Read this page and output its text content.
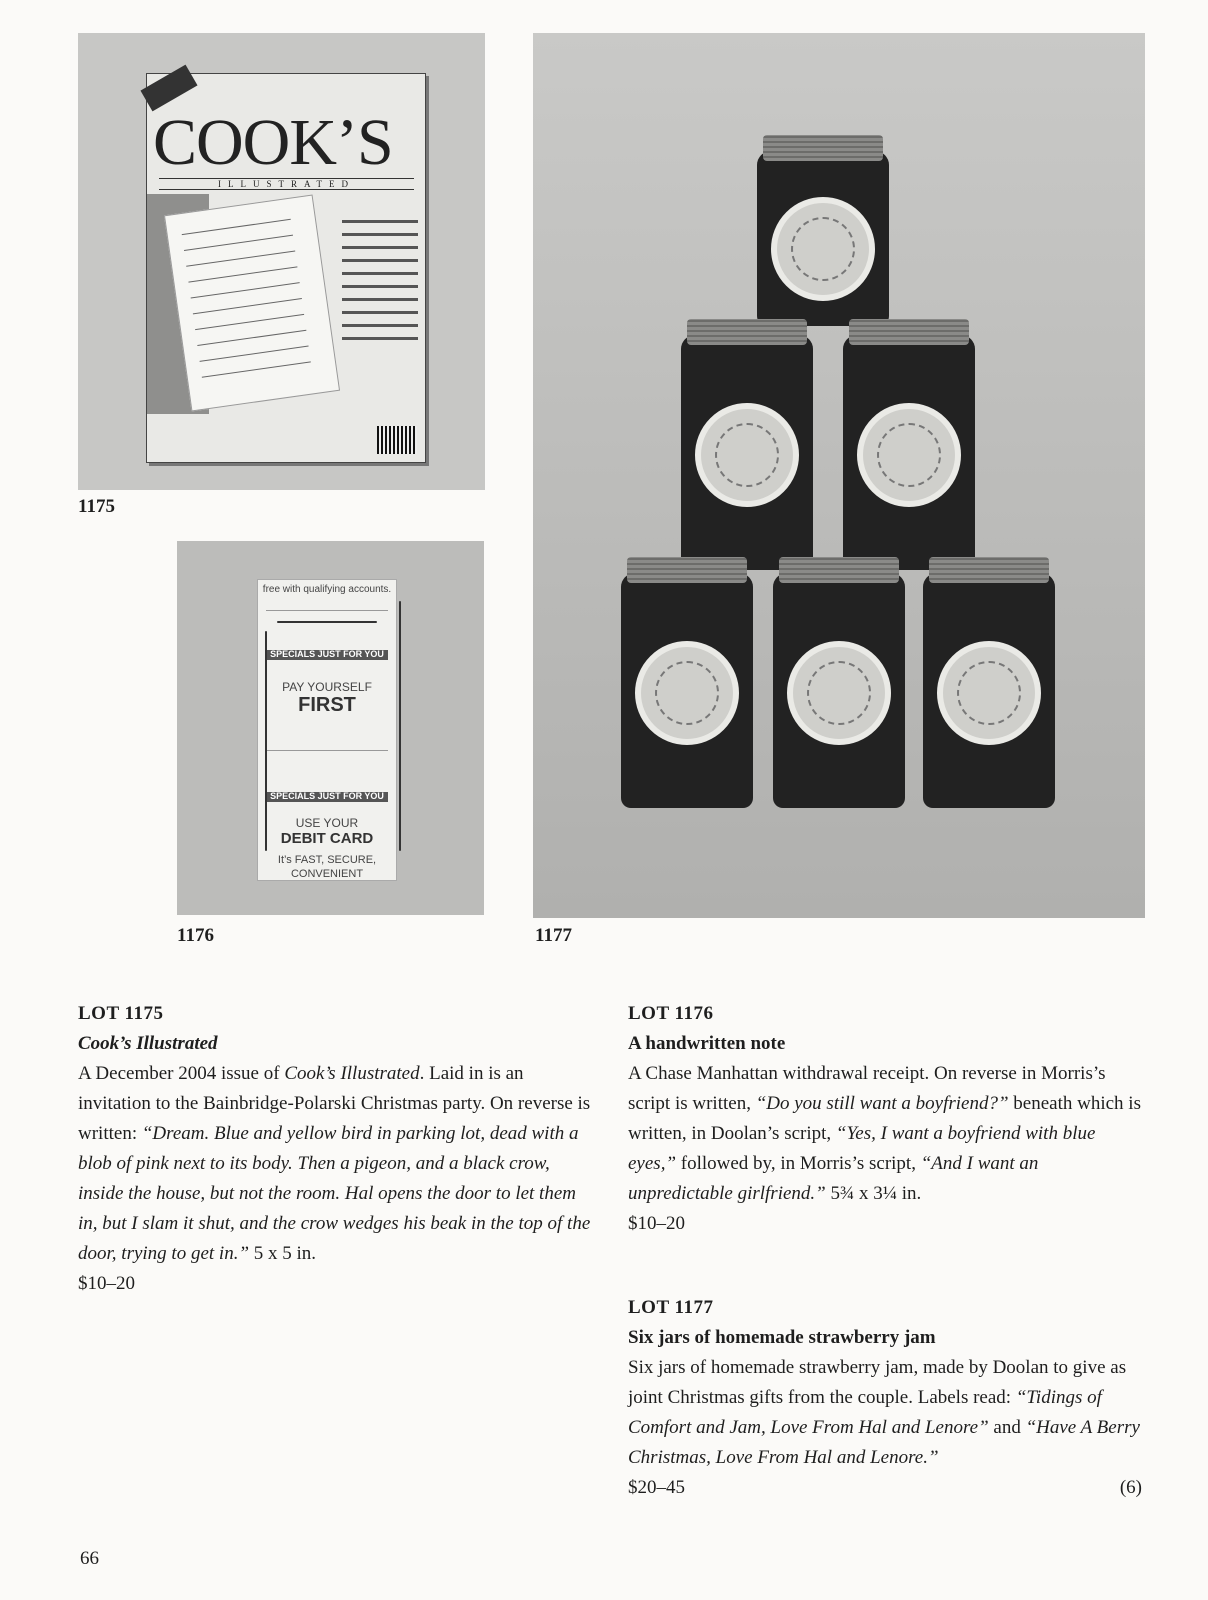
COOK’S
ILLUSTRATED
1175
free with qualifying accounts.
SPECIALS JUST FOR YOU
PAY YOURSELF
FIRST
SPECIALS JUST FOR YOU
USE YOUR
DEBIT CARD
It’s FAST, SECURE,
CONVENIENT
1176	1177

LOT 1175

Cook’s Illustrated

A December 2004 issue of Cook’s Illustrated. Laid in is an invitation to the Bainbridge-Polarski Christmas party. On reverse is written: “Dream. Blue and yellow bird in parking lot, dead with a blob of pink next to its body. Then a pigeon, and a black crow, inside the house, but not the room. Hal opens the door to let them in, but I slam it shut, and the crow wedges his beak in the top of the door, trying to get in.” 5 x 5 in.

$10–20

LOT 1176

A handwritten note

A Chase Manhattan withdrawal receipt. On reverse in Morris’s script is written, “Do you still want a boyfriend?” beneath which is written, in Doolan’s script, “Yes, I want a boyfriend with blue eyes,” followed by, in Morris’s script, “And I want an unpredictable girlfriend.” 5¾ x 3¼ in.

$10–20

LOT 1177

Six jars of homemade strawberry jam

Six jars of homemade strawberry jam, made by Doolan to give as joint Christmas gifts from the couple. Labels read: “Tidings of Comfort and Jam, Love From Hal and Lenore” and “Have A Berry Christmas, Love From Hal and Lenore.”

$20–45	(6)

66
